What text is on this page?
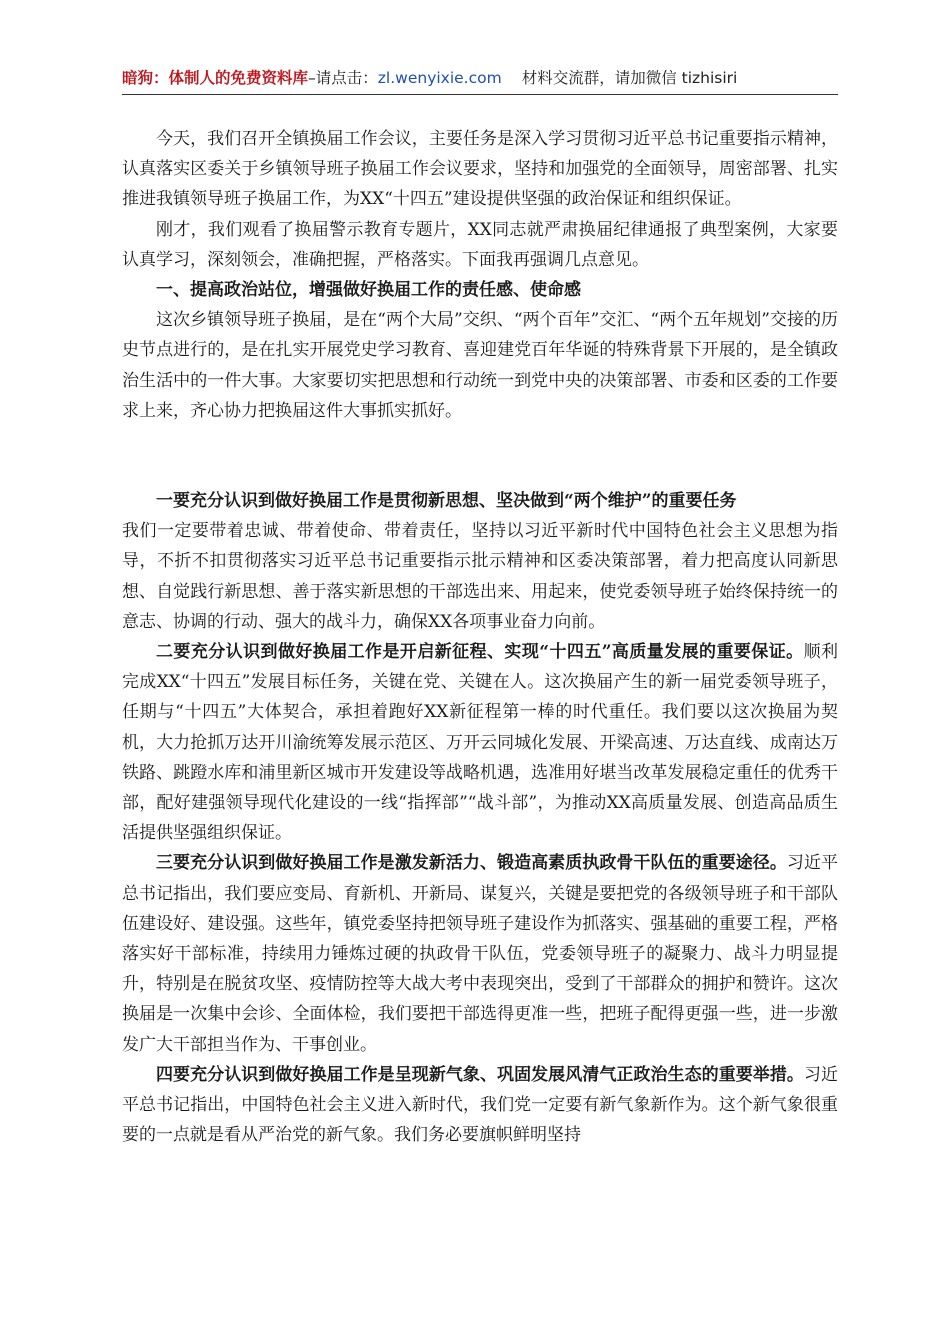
暗狗：体制人的免费资料库–请点击：zl.wenyixie.com 材料交流群，请加微信 tizhisiri

今天，我们召开全镇换届工作会议，主要任务是深入学习贯彻习近平总书记重要指示精神，认真落实区委关于乡镇领导班子换届工作会议要求，坚持和加强党的全面领导，周密部署、扎实推进我镇领导班子换届工作，为XX“十四五”建设提供坚强的政治保证和组织保证。

刚才，我们观看了换届警示教育专题片，XX同志就严肃换届纪律通报了典型案例，大家要认真学习，深刻领会，准确把握，严格落实。下面我再强调几点意见。

一、提高政治站位，增强做好换届工作的责任感、使命感

这次乡镇领导班子换届，是在“两个大局”交织、“两个百年”交汇、“两个五年规划”交接的历史节点进行的，是在扎实开展党史学习教育、喜迎建党百年华诞的特殊背景下开展的，是全镇政治生活中的一件大事。大家要切实把思想和行动统一到党中央的决策部署、市委和区委的工作要求上来，齐心协力把换届这件大事抓实抓好。

一要充分认识到做好换届工作是贯彻新思想、坚决做到“两个维护”的重要任务

我们一定要带着忠诚、带着使命、带着责任，坚持以习近平新时代中国特色社会主义思想为指导，不折不扣贯彻落实习近平总书记重要指示批示精神和区委决策部署，着力把高度认同新思想、自觉践行新思想、善于落实新思想的干部选出来、用起来，使党委领导班子始终保持统一的意志、协调的行动、强大的战斗力，确保XX各项事业奋力向前。

二要充分认识到做好换届工作是开启新征程、实现“十四五”高质量发展的重要保证。顺利完成XX“十四五”发展目标任务，关键在党、关键在人。这次换届产生的新一届党委领导班子，任期与“十四五”大体契合，承担着跑好XX新征程第一棒的时代重任。我们要以这次换届为契机，大力抢抓万达开川渝统筹发展示范区、万开云同城化发展、开梁高速、万达直线、成南达万铁路、跳蹬水库和浦里新区城市开发建设等战略机遇，选准用好堪当改革发展稳定重任的优秀干部，配好建强领导现代化建设的一线“指挥部”“战斗部”，为推动XX高质量发展、创造高品质生活提供坚强组织保证。

三要充分认识到做好换届工作是激发新活力、锻造高素质执政骨干队伍的重要途径。习近平总书记指出，我们要应变局、育新机、开新局、谋复兴，关键是要把党的各级领导班子和干部队伍建设好、建设强。这些年，镇党委坚持把领导班子建设作为抓落实、强基础的重要工程，严格落实好干部标准，持续用力锤炼过硬的执政骨干队伍，党委领导班子的凝聚力、战斗力明显提升，特别是在脱贫攻坚、疫情防控等大战大考中表现突出，受到了干部群众的拥护和赞许。这次换届是一次集中会诊、全面体检，我们要把干部选得更准一些，把班子配得更强一些，进一步激发广大干部担当作为、干事创业。

四要充分认识到做好换届工作是呈现新气象、巩固发展风清气正政治生态的重要举措。习近平总书记指出，中国特色社会主义进入新时代，我们党一定要有新气象新作为。这个新气象很重要的一点就是看从严治党的新气象。我们务必要旗帜鲜明坚持
